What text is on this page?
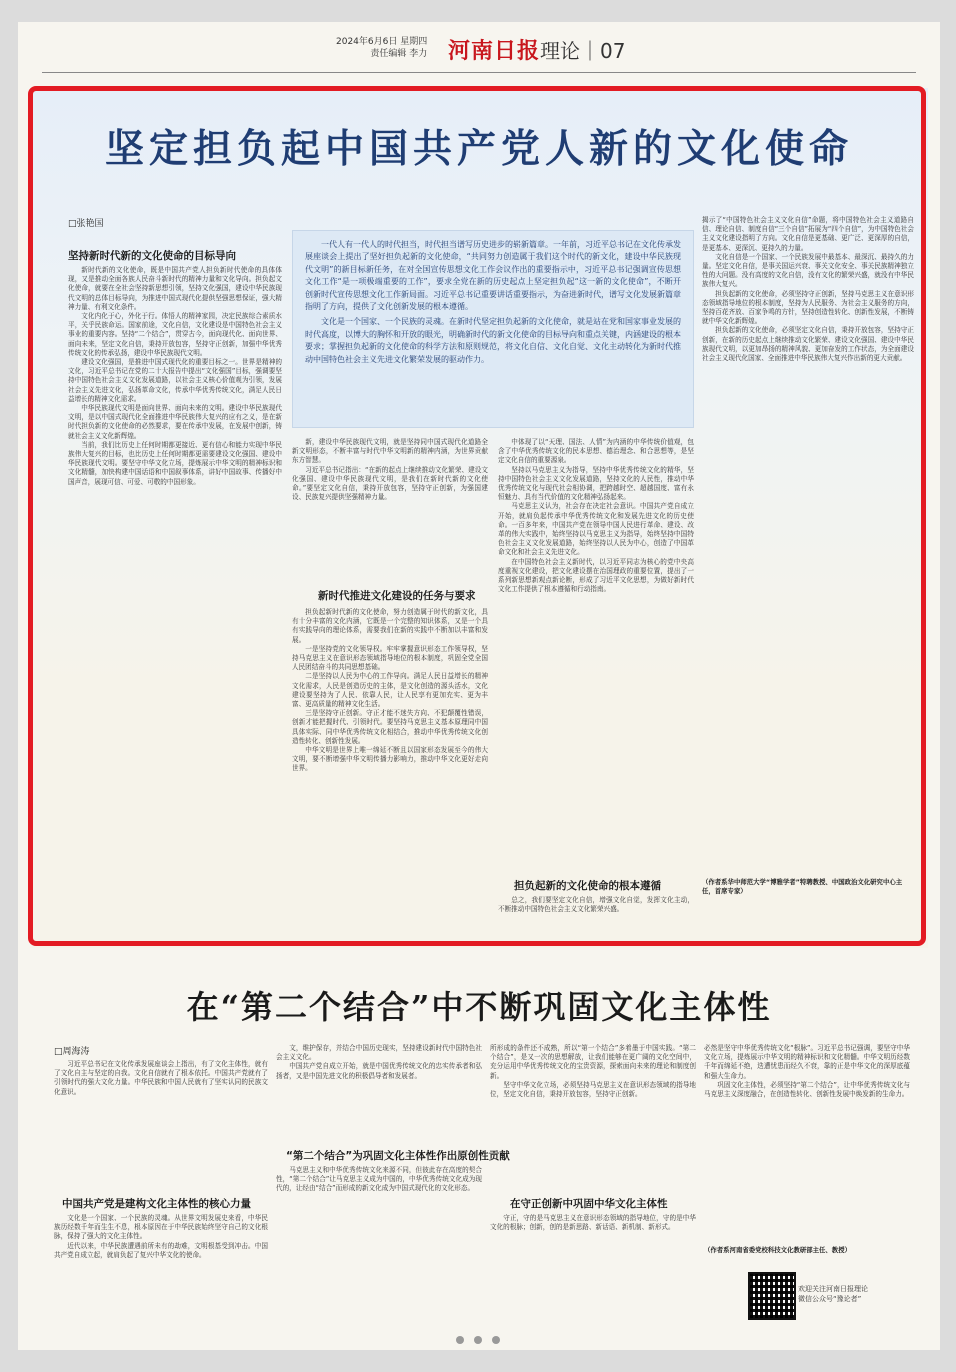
2024年6月6日 星期四
责任编辑 李力 河南日报 理论｜07
坚定担负起中国共产党人新的文化使命
□张艳国
坚持新时代新的文化使命的目标导向

新时代新的文化使命，既是中国共产党人担负新时代使命的具体体现，又是推动全面各族人民奋斗新时代的精神力量和文化导向。担负起文化使命，就要在全社会坚持新思想引领，坚持文化强国，建设中华民族现代文明的总体目标导向，为推进中国式现代化提供坚强思想保证，强大精神力量、有利文化条件。

文化内化于心，外化于行。体悟人的精神家园，决定民族综合素质水平，关乎民族命运。国家前途，文化自信，文化建设是中国特色社会主义事业的重要内容。坚持“二个结合”，贯穿古今，面向现代化、面向世界、面向未来，坚定文化自信，秉持开放包容，坚持守正创新，加强中华优秀传统文化的传承弘扬，建设中华民族现代文明。

建设文化强国，是推进中国式现代化的重要目标之一。世界是精神的文化，习近平总书记在党的二十大报告中提出“文化强国”目标，强调要坚持中国特色社会主义文化发展道路，以社会主义核心价值观为引领，发展社会主义先进文化，弘扬革命文化，传承中华优秀传统文化，满足人民日益增长的精神文化需求。

中华民族现代文明是面向世界、面向未来的文明。建设中华民族现代文明，是以中国式现代化全面推进中华民族伟大复兴的应有之义，是在新时代担负新的文化使命的必然要求，要在传承中发展，在发展中创新，铸就社会主义文化新辉煌。

当前，我们比历史上任何时期都更接近、更有信心和能力实现中华民族伟大复兴的目标，也比历史上任何时期都更需要建设文化强国、建设中华民族现代文明。要坚守中华文化立场，提炼展示中华文明的精神标识和文化精髓，加快构建中国话语和中国叙事体系，讲好中国故事、传播好中国声音，展现可信、可爱、可敬的中国形象。

一代人有一代人的时代担当，时代担当谱写历史进步的崭新篇章。一年前，习近平总书记在文化传承发展座谈会上提出了坚好担负起新的文化使命，“共同努力创造属于我们这个时代的新文化，建设中华民族现代文明”的新目标新任务，在对全国宣传思想文化工作会议作出的重要指示中，习近平总书记强调宣传思想文化工作“是一项极端重要的工作”，要求全党在新的历史起点上坚定担负起“这一新的文化使命”，不断开创新时代宣传思想文化工作新局面。习近平总书记重要讲话重要指示，为奋进新时代，谱写文化发展新篇章指明了方向，提供了文化创新发展的根本遵循。

文化是一个国家、一个民族的灵魂。在新时代坚定担负起新的文化使命，就是站在党和国家事业发展的时代高度，以博大的胸怀和开放的眼光，明确新时代的新文化使命的目标导向和重点关键，内涵建设的根本要求；掌握担负起新的文化使命的科学方法和原则规范，将文化自信、文化自觉、文化主动转化为新时代推动中国特色社会主义先进文化繁荣发展的驱动作力。

新，建设中华民族现代文明，就是坚持同中国式现代化道路全新文明形态，不断丰富与时代中华文明新的精神内涵，为世界贡献东方智慧。

习近平总书记指出：“在新的起点上继续推动文化繁荣、建设文化强国、建设中华民族现代文明，是我们在新时代新的文化使命。”要坚定文化自信，秉持开放包容，坚持守正创新，为强国建设、民族复兴提供坚强精神力量。

新时代推进文化建设的任务与要求

担负起新时代新的文化使命，努力创造属于时代的新文化，具有十分丰富的文化内涵，它既是一个完整的知识体系，又是一个具有实践导向的理论体系，需要我们在新的实践中不断加以丰富和发展。

一是坚持党的文化领导权。牢牢掌握意识形态工作领导权，坚持马克思主义在意识形态领域指导地位的根本制度，巩固全党全国人民团结奋斗的共同思想基础。

二是坚持以人民为中心的工作导向。满足人民日益增长的精神文化需求，人民是创造历史的主体，是文化创造的源头活水，文化建设要坚持为了人民、依靠人民，让人民享有更加充实、更为丰富、更高质量的精神文化生活。

三是坚持守正创新。守正才能不迷失方向、不犯颠覆性错误，创新才能把握时代、引领时代。要坚持马克思主义基本原理同中国具体实际、同中华优秀传统文化相结合，推动中华优秀传统文化创造性转化、创新性发展。

中华文明是世界上唯一绵延不断且以国家形态发展至今的伟大文明，要不断增强中华文明传播力影响力，推动中华文化更好走向世界。

中体现了以“天理、国法、人情”为内涵的中华传统价值观，包含了中华优秀传统文化的民本思想、德治理念、和合思想等，是坚定文化自信的重要源泉。

坚持以马克思主义为指导，坚持中华优秀传统文化的精华，坚持中国特色社会主义文化发展道路，坚持文化的人民性，推动中华优秀传统文化与现代社会相协调，把跨越时空、超越国度、富有永恒魅力、具有当代价值的文化精神弘扬起来。

马克思主义认为，社会存在决定社会意识。中国共产党自成立开始，就肩负起传承中华优秀传统文化和发展先进文化的历史使命。一百多年来，中国共产党在领导中国人民进行革命、建设、改革的伟大实践中，始终坚持以马克思主义为指导，始终坚持中国特色社会主义文化发展道路，始终坚持以人民为中心，创造了中国革命文化和社会主义先进文化。

在中国特色社会主义新时代，以习近平同志为核心的党中央高度重视文化建设，把文化建设摆在治国理政的重要位置，提出了一系列新思想新观点新论断，形成了习近平文化思想，为做好新时代文化工作提供了根本遵循和行动指南。

担负起新的文化使命的根本遵循

总之，我们要坚定文化自信，增强文化自觉，发挥文化主动，不断推动中国特色社会主义文化繁荣兴盛。

揭示了“中国特色社会主义文化自信”命题，将中国特色社会主义道路自信、理论自信、制度自信“三个自信”拓展为“四个自信”，为中国特色社会主义文化建设指明了方向。文化自信是更基础、更广泛、更深厚的自信，是更基本、更深沉、更持久的力量。

文化自信是一个国家、一个民族发展中最基本、最深沉、最持久的力量。坚定文化自信，是事关国运兴衰、事关文化安全、事关民族精神独立性的大问题。没有高度的文化自信，没有文化的繁荣兴盛，就没有中华民族伟大复兴。

担负起新的文化使命，必须坚持守正创新，坚持马克思主义在意识形态领域指导地位的根本制度，坚持为人民服务、为社会主义服务的方向，坚持百花齐放、百家争鸣的方针，坚持创造性转化、创新性发展，不断铸就中华文化新辉煌。

担负起新的文化使命，必须坚定文化自信，秉持开放包容，坚持守正创新，在新的历史起点上继续推动文化繁荣、建设文化强国、建设中华民族现代文明，以更加昂扬的精神风貌、更加奋发的工作状态，为全面建设社会主义现代化国家、全面推进中华民族伟大复兴作出新的更大贡献。

（作者系华中师范大学“博雅学者”特聘教授、中国政治文化研究中心主任，首席专家）
在“第二个结合”中不断巩固文化主体性
□周海涛

习近平总书记在文化传承发展座谈会上指出，有了文化主体性，就有了文化自主与坚定的自我。文化自信就有了根本依托。中国共产党就有了引领时代的强大文化力量。中华民族和中国人民就有了坚实认同的民族文化意识。

中国共产党是建构文化主体性的核心力量

文化是一个国家、一个民族的灵魂。从世界文明发展史来看，中华民族历经数千年而生生不息，根本原因在于中华民族始终坚守自己的文化根脉，保持了强大的文化主体性。

近代以来，中华民族遭遇前所未有的劫难，文明根基受到冲击。中国共产党自成立起，就肩负起了复兴中华文化的使命。

文，维护保存，并结合中国历史现实，坚持建设新时代中国特色社会主义文化。

中国共产党自成立开始，就是中国优秀传统文化的忠实传承者和弘扬者，又是中国先进文化的积极倡导者和发展者。

“第二个结合”为巩固文化主体性作出原创性贡献

马克思主义和中华优秀传统文化来源不同，但彼此存在高度的契合性，“第二个结合”让马克思主义成为中国的，中华优秀传统文化成为现代的，让经由“结合”而形成的新文化成为中国式现代化的文化形态。

所形成的条件还不成熟，所以“第一个结合”多着墨于中国实践。“第二个结合”，是又一次的思想解放，让我们能够在更广阔的文化空间中，充分运用中华优秀传统文化的宝贵资源，探索面向未来的理论和制度创新。

坚守中华文化立场，必须坚持马克思主义在意识形态领域的指导地位，坚定文化自信，秉持开放包容，坚持守正创新。

在守正创新中巩固中华文化主体性

守正，守的是马克思主义在意识形态领域的指导地位，守的是中华文化的根脉；创新，创的是新思路、新话语、新机制、新形式。

必然是坚守中华优秀传统文化“根脉”。习近平总书记强调，要坚守中华文化立场，提炼展示中华文明的精神标识和文化精髓。中华文明历经数千年而绵延不绝，迭遭忧患而经久不衰，靠的正是中华文化的深厚底蕴和强大生命力。

巩固文化主体性，必须坚持“第二个结合”，让中华优秀传统文化与马克思主义深度融合，在创造性转化、创新性发展中焕发新的生命力。

（作者系河南省委党校科技文化教研部主任、教授）
欢迎关注河南日报理论
微信公众号“豫论者”
